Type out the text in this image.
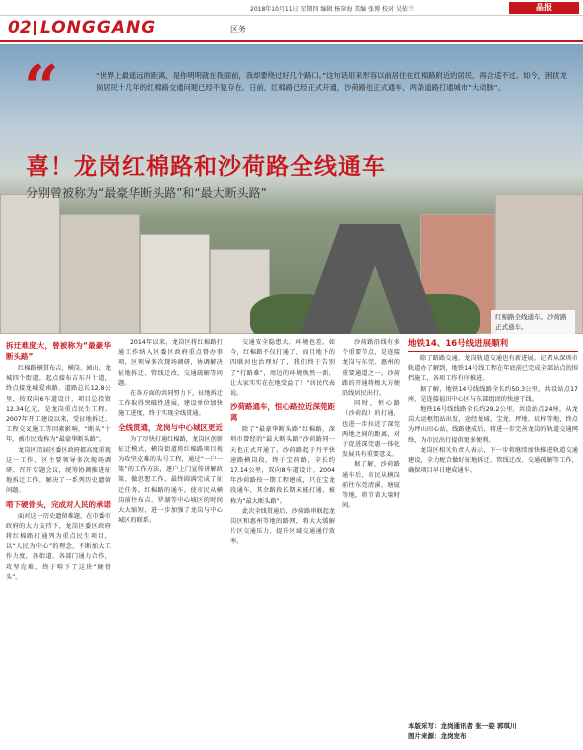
2018年10月11日 星期四 编辑 杨穿海 美编 张博 校对 吴依兰	晶报
02 LONGGANG	区务
“	“世界上最遥远的距离，是你明明就在我面前，我却要绕过好几个路口。”这句话用来形容以前居住在红棉路附近的居民，再合适不过。如今，困扰龙岗居民十几年的红棉路交通问题已经不复存在。日前，红棉路已经正式开通，沙荷路也正式通车，两条道路打通城市“大动脉”。
喜！龙岗红棉路和沙荷路全线通车
分别曾被称为“最豪华断头路”和“最大断头路”
红棉路全线通车。沙荷路正式通车。
拆迁难度大，曾被称为“最豪华断头路”

红棉路横贯布吉、横岗、园山、龙城四个街道，起点接布吉东升十道，终点接龙城爱南路，道路总长12.8公里，按双向6车道设计，项目总投资12.34亿元，是龙岗重点民生工程。2007年开工建设以来，受征地拆迁、工程交叉施工等因素影响，“断头”十年，被市民戏称为“最豪华断头路”。

龙岗区历届区委区政府都高度重视这一工作，区主要领导多次现场调研、召开专题会议，统筹协调推进征地拆迁工作，解决了一系列历史遗留问题。

啃下硬骨头，完成对人民的承诺

面对这一历史遗留难题，在市委市政府的大力支持下，龙岗区委区政府将红棉路打通列为重点民生项目，以“人民为中心”的理念，不断加大工作力度，各街道、各部门通力合作，攻坚克难，终于啃下了这块“硬骨头”。

2014年以来，龙岗区将红棉路打通工作纳入区委区政府重点督办事项，区领导多次现场调研，协调解决征地拆迁、管线迁改、交通疏解等问题。

在各方面的共同努力下，征地拆迁工作取得突破性进展，建设单位加快施工进度，终于实现全线贯通。

全线贯通，龙岗与中心城区更近

为了尽快打通红棉路，龙岗区创新征迁模式，横岗街道将红棉路项目视为攻坚克难的头号工程，通过“一户一策”的工作方法，逐户上门宣传讲解政策、做思想工作，最终圆满完成了征迁任务。红棉路的通车，使市民从横岗前往布吉、罗湖等中心城区的时间大大缩短，进一步加强了龙岗与中心城区的联系。

交通安全隐患大，环境也差。如今，红棉路不仅打通了，而且地下的四联河也治理好了，我们终于告别了“行路难”，周边的环境焕然一新，让大家实实在在地受益了！”居民代表说。

沙荷路通车，恒心路拉近深莞距离

除了“最豪华断头路”红棉路，深圳市曾经的“最大断头路”沙荷路同一天也正式开通了。沙荷路起于丹平快速路横岗段，终于宝荷路，全长约17.14公里，双向8车道设计。2004年沙荷路按一期工程建成，只在宝龙段通车，其余路段长期未能打通，被称为“最大断头路”。

此次全线贯通后，沙荷路串联起龙岗区和惠州等地的路网，将大大缓解片区交通压力，提升区域交通通行效率。

沙荷路沿线有多个重要节点，是连接龙岗与东莞、惠州的重要通道之一。沙荷路的开通将极大方便沿线居民出行。

同时，恒心路（沙荷段）的打通，也进一步拉近了深莞两地之间的距离，对于促进深莞惠一体化发展具有重要意义。

据了解，沙荷路通车后，市民从横岗前往东莞清溪、塘厦等地，将节省大量时间。

地铁14、16号线进展顺利

除了路路交通，龙岗轨道交通也有新进展。记者从深圳市轨道办了解到，地铁14号线工程在年底前已完成全部站点的围挡施工，各项工作有序推进。

据了解，地铁14号线线路全长约50.3公里，共设站点17座，是连接福田中心区与东部组团的快速干线。

地铁16号线线路全长约29.2公里，共设站点24座，从龙岗大运枢纽站出发，途经龙城、宝龙、坪地、坑梓等地，终点为坪山田心站。线路建成后，将进一步完善龙岗的轨道交通网络，为市民出行提供更多便利。

龙岗区相关负责人表示，下一步将继续加快推进轨道交通建设，全力配合做好征地拆迁、管线迁改、交通疏解等工作，确保项目早日建成通车。

本版采写：龙岗通讯者 张一姿 郭琪川
图片来源：龙岗发布
